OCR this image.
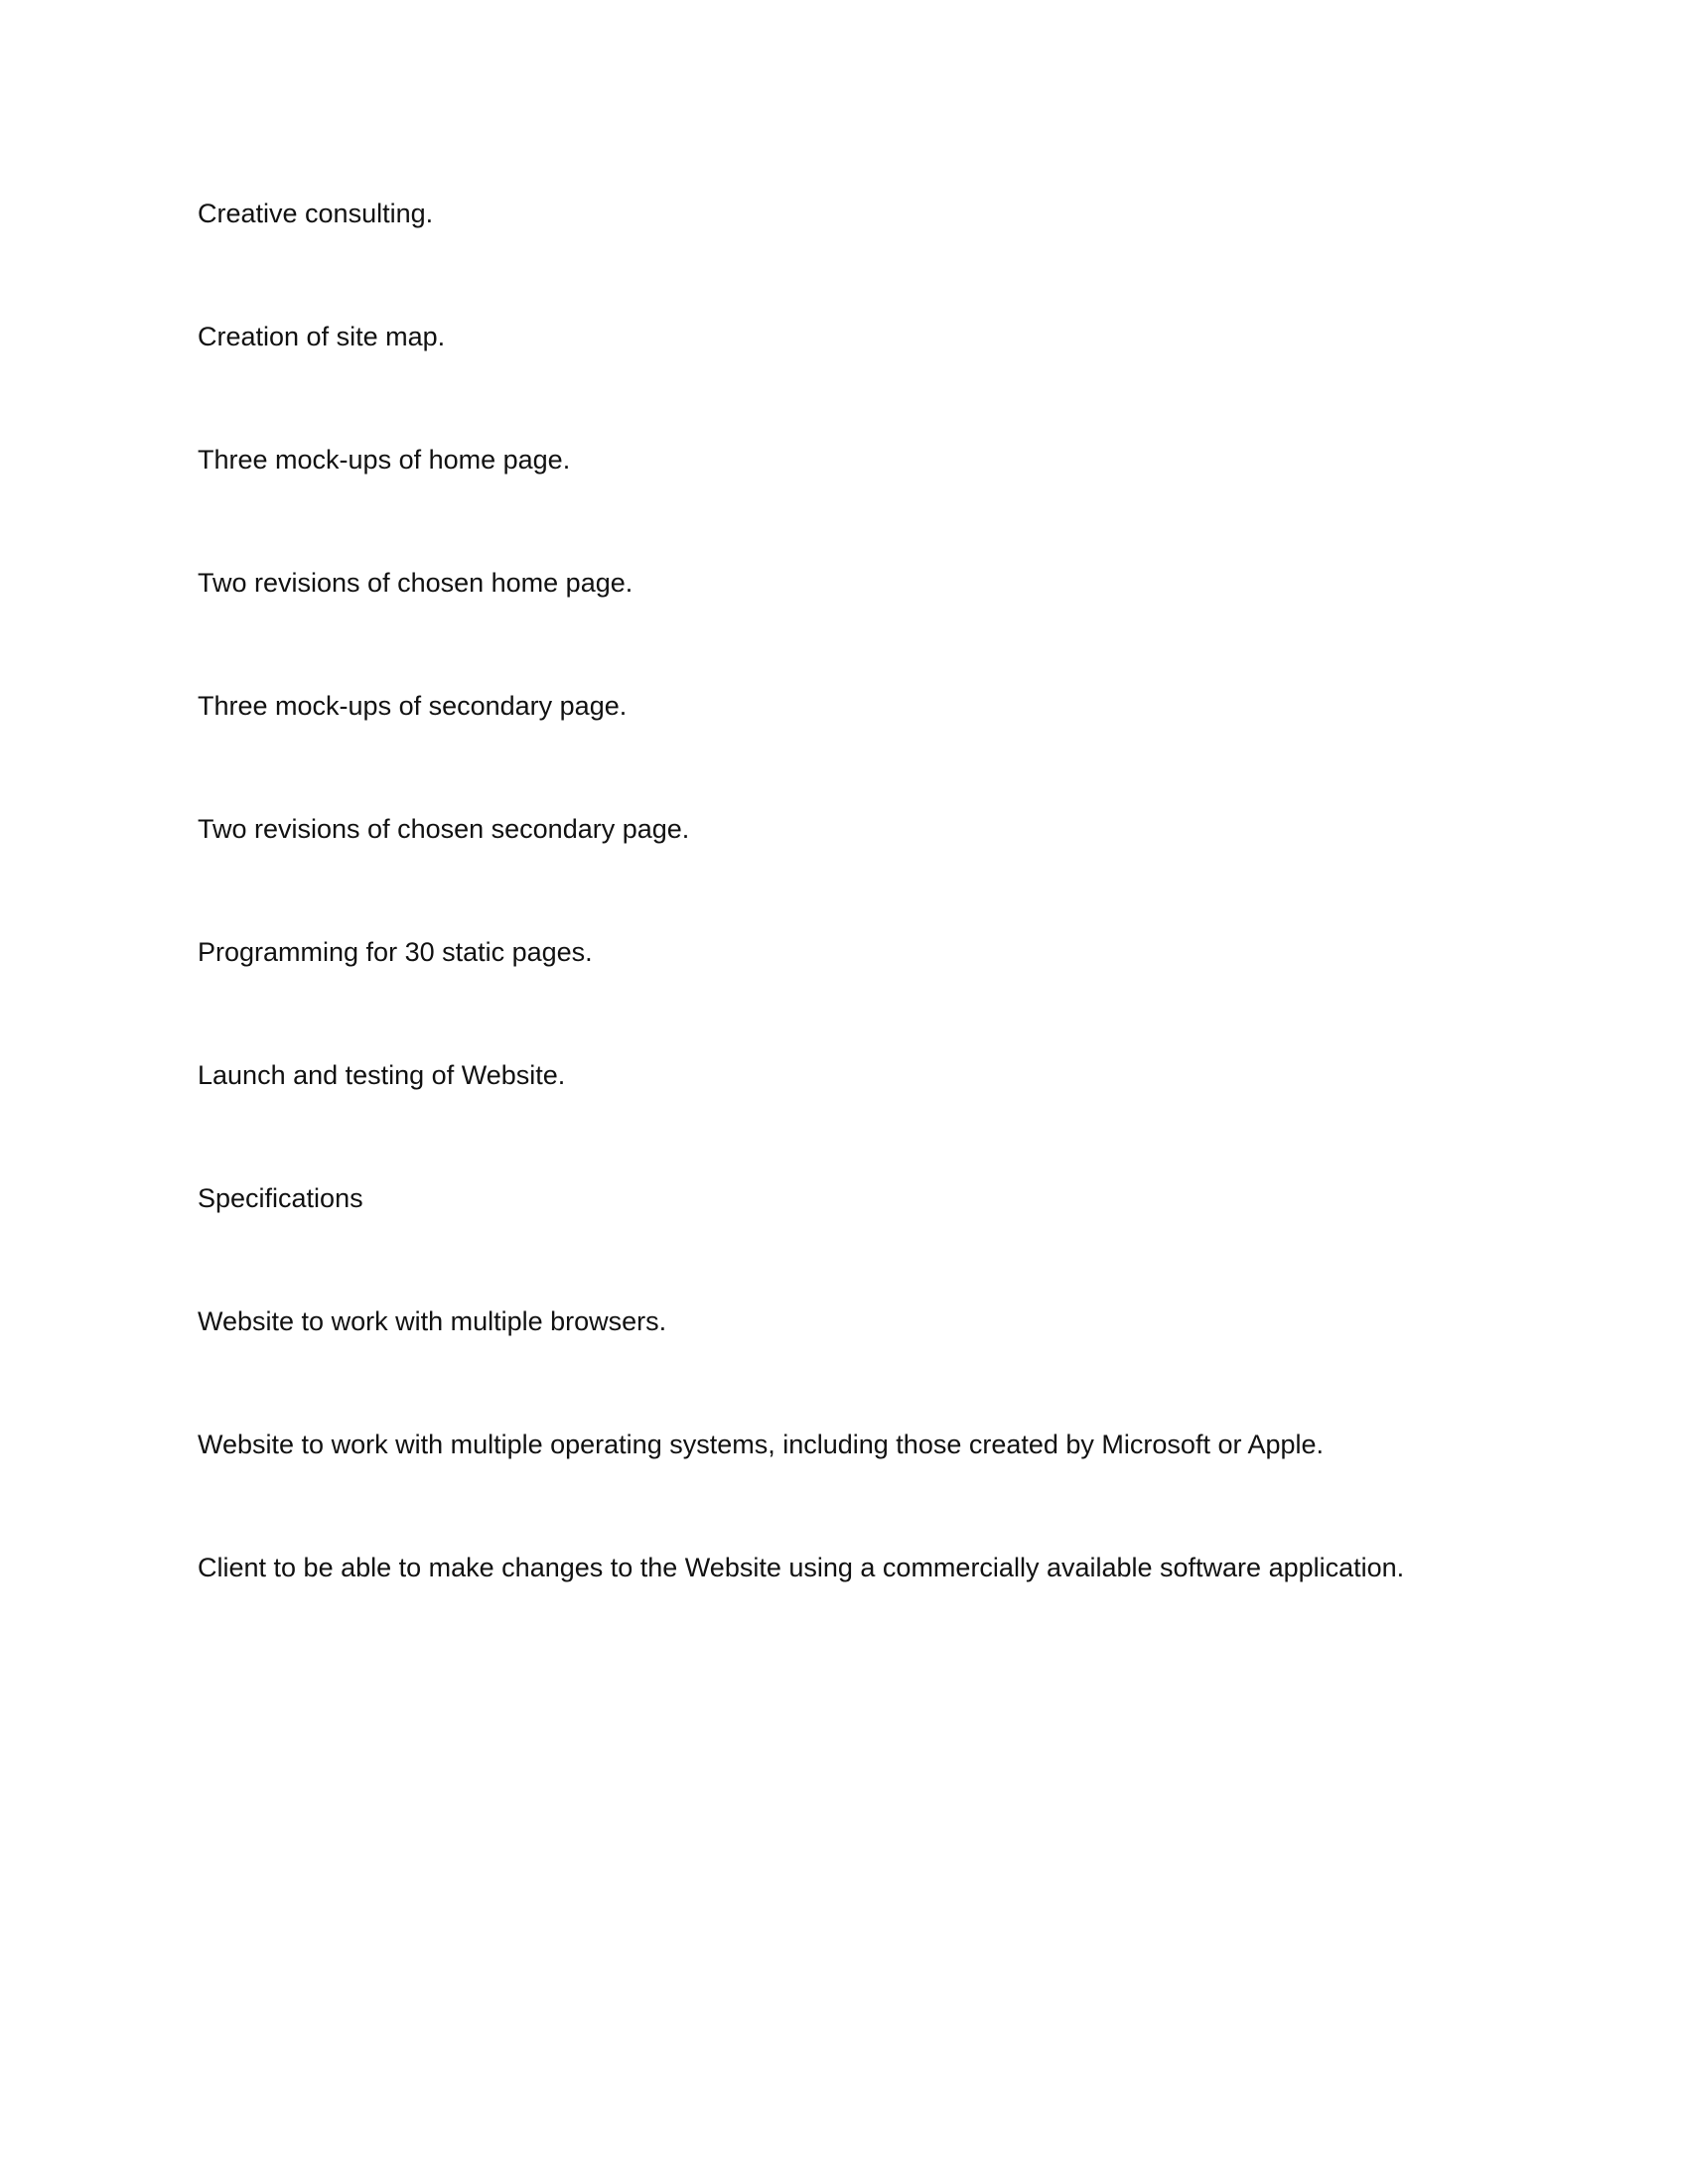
Creative consulting.

Creation of site map.

Three mock-ups of home page.

Two revisions of chosen home page.

Three mock-ups of secondary page.

Two revisions of chosen secondary page.

Programming for 30 static pages.

Launch and testing of Website.

Specifications

Website to work with multiple browsers.

Website to work with multiple operating systems, including those created by Microsoft or Apple.

Client to be able to make changes to the Website using a commercially available software application.
